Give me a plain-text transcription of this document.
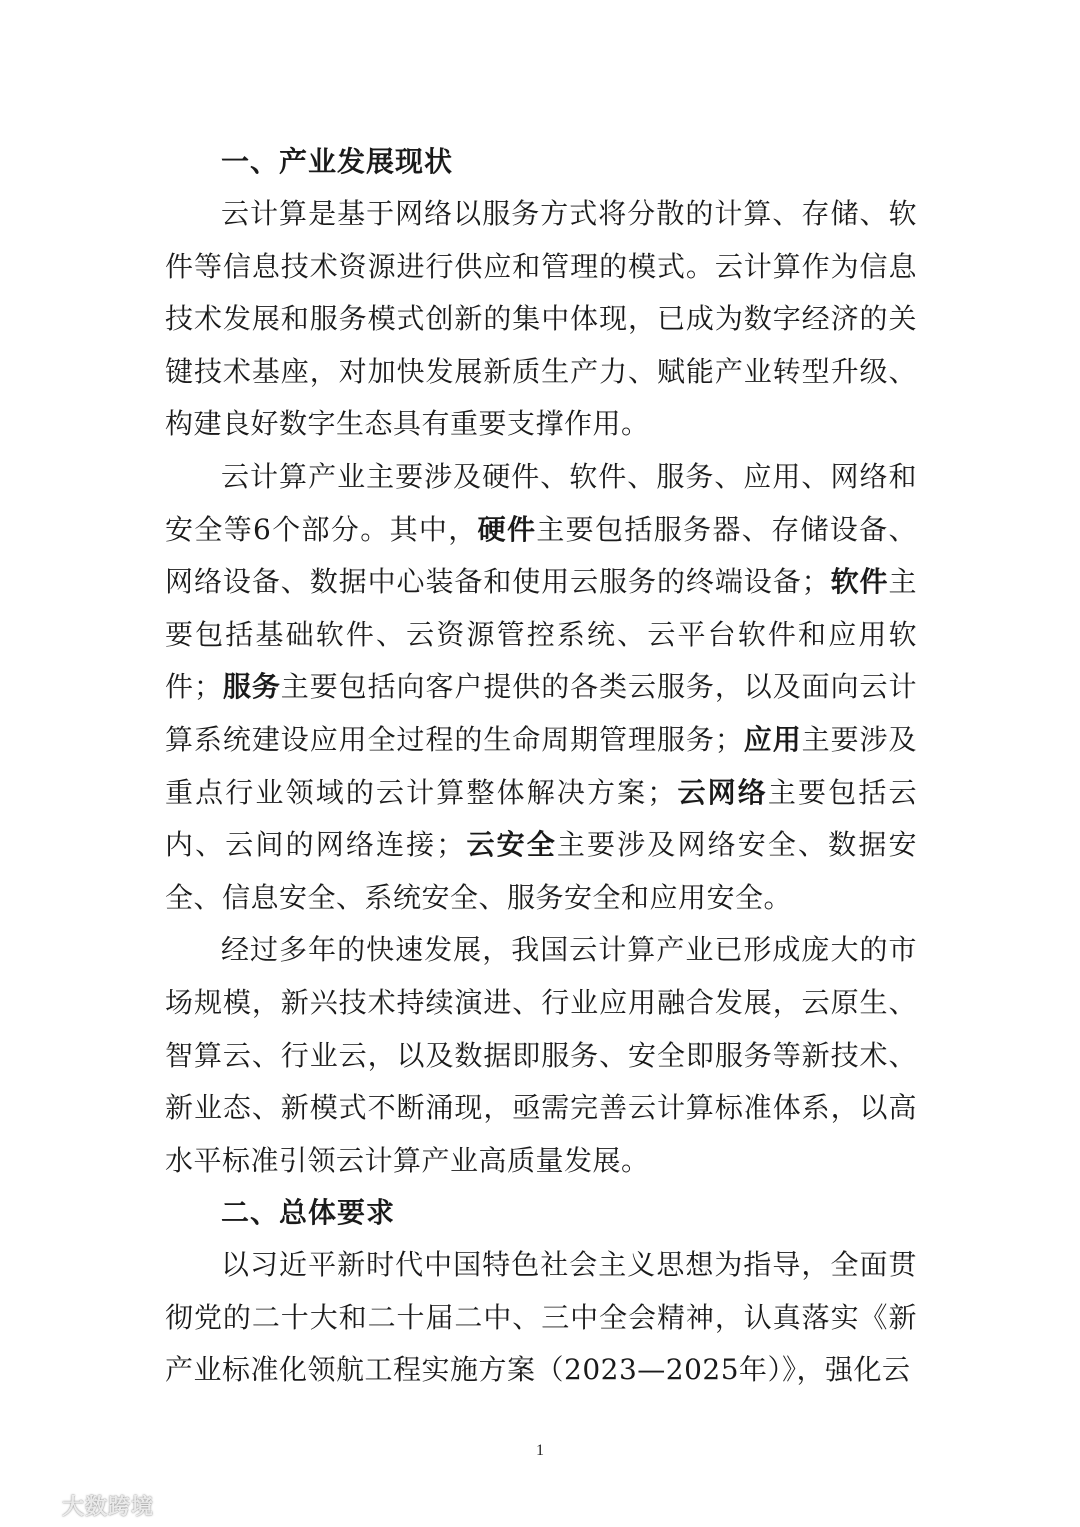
一、产业发展现状
云计算是基于网络以服务方式将分散的计算、存储、软件等信息技术资源进行供应和管理的模式。云计算作为信息技术发展和服务模式创新的集中体现，已成为数字经济的关键技术基座，对加快发展新质生产力、赋能产业转型升级、构建良好数字生态具有重要支撑作用。
云计算产业主要涉及硬件、软件、服务、应用、网络和安全等6个部分。其中，硬件主要包括服务器、存储设备、网络设备、数据中心装备和使用云服务的终端设备；软件主要包括基础软件、云资源管控系统、云平台软件和应用软件；服务主要包括向客户提供的各类云服务，以及面向云计算系统建设应用全过程的生命周期管理服务；应用主要涉及重点行业领域的云计算整体解决方案；云网络主要包括云内、云间的网络连接；云安全主要涉及网络安全、数据安全、信息安全、系统安全、服务安全和应用安全。
经过多年的快速发展，我国云计算产业已形成庞大的市场规模，新兴技术持续演进、行业应用融合发展，云原生、智算云、行业云，以及数据即服务、安全即服务等新技术、新业态、新模式不断涌现，亟需完善云计算标准体系，以高水平标准引领云计算产业高质量发展。
二、总体要求
以习近平新时代中国特色社会主义思想为指导，全面贯彻党的二十大和二十届二中、三中全会精神，认真落实《新产业标准化领航工程实施方案（2023—2025年）》，强化云
1
大数跨境
